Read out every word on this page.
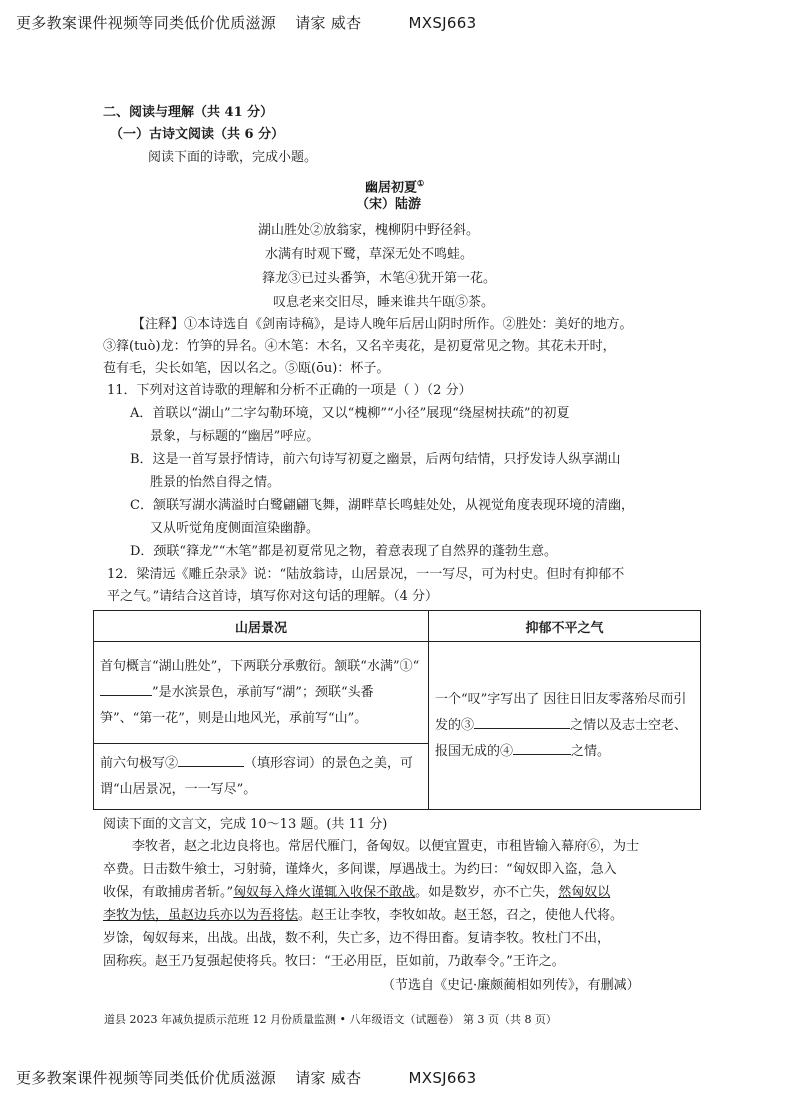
更多教案课件视频等同类低价优质滋源 请家 威杏	MXSJ663
二、阅读与理解（共 41 分）
（一）古诗文阅读（共 6 分）
阅读下面的诗歌，完成小题。
幽居初夏①
（宋）陆游
湖山胜处②放翁家，槐柳阴中野径斜。
水满有时观下鹭，草深无处不鸣蛙。
箨龙③已过头番笋，木笔④犹开第一花。
叹息老来交旧尽，睡来谁共午瓯⑤茶。
【注释】①本诗选自《剑南诗稿》，是诗人晚年后居山阴时所作。②胜处：美好的地方。
③箨(tuò)龙：竹笋的异名。④木笔：木名，又名辛夷花，是初夏常见之物。其花未开时，
苞有毛，尖长如笔，因以名之。⑤瓯(ōu)：杯子。
11．下列对这首诗歌的理解和分析不正确的一项是（ ）（2 分）
A．首联以“湖山”二字勾勒环境，又以“槐柳”“小径”展现“绕屋树扶疏”的初夏
景象，与标题的“幽居”呼应。
B．这是一首写景抒情诗，前六句诗写初夏之幽景，后两句结情，只抒发诗人纵享湖山
胜景的怡然自得之情。
C．颔联写湖水满溢时白鹭翩翩飞舞，湖畔草长鸣蛙处处，从视觉角度表现环境的清幽，
又从听觉角度侧面渲染幽静。
D．颈联“箨龙”“木笔”都是初夏常见之物，着意表现了自然界的蓬勃生意。
12．梁清远《雕丘杂录》说：“陆放翁诗，山居景况，一一写尽，可为村史。但时有抑郁不
平之气。”请结合这首诗，填写你对这句话的理解。（4 分）
山居景况	抑郁不平之气

首句概言“湖山胜处”，下两联分承敷衍。颔联“水满”①“”是水滨景色，承前写“湖”；颈联“头番笋”、“第一花”，则是山地风光，承前写“山”。	一个“叹”字写出了 因往日旧友零落殆尽而引发的③ 之情以及志士空老、报国无成的④ 之情。

前六句极写② （填形容词）的景色之美，可谓“山居景况，一一写尽”。	
阅读下面的文言文，完成 10～13 题。(共 11 分)
李牧者，赵之北边良将也。常居代雁门，备匈奴。以便宜置吏，市租皆输入幕府⑥，为士
卒费。日击数牛飨士，习射骑，谨烽火，多间谍，厚遇战士。为约曰：“匈奴即入盗，急入
收保，有敢捕虏者斩。”匈奴每入烽火谨辄入收保不敢战。如是数岁，亦不亡失，然匈奴以
李牧为怯，虽赵边兵亦以为吾将怯。赵王让李牧，李牧如故。赵王怒，召之，使他人代将。
岁馀，匈奴每来，出战。出战，数不利，失亡多，边不得田畜。复请李牧。牧杜门不出，
固称疾。赵王乃复强起使将兵。牧曰：“王必用臣，臣如前，乃敢奉令。”王许之。
（节选自《史记·廉颇蔺相如列传》，有删减）
道县 2023 年减负提质示范班 12 月份质量监测 • 八年级语文（试题卷） 第 3 页（共 8 页）
更多教案课件视频等同类低价优质滋源 请家 威杏	MXSJ663
